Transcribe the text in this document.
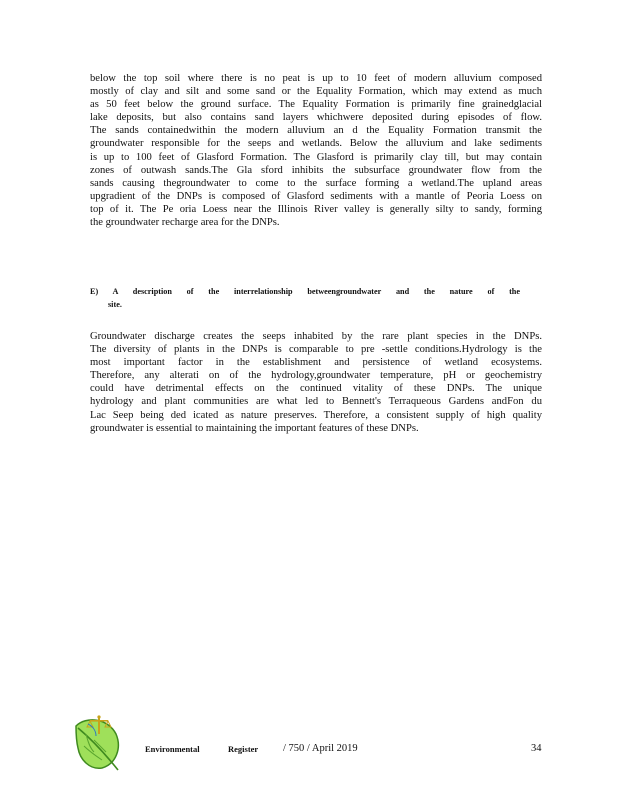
below the top soil where there is no peat is up to 10 feet of modern alluvium composed
mostly of clay and silt and some sand or the Equality Formation, which may extend as much
as 50 feet below the ground surface. The Equality Formation is primarily fine grainedglacial
lake deposits, but also contains sand layers whichwere deposited during episodes of flow.
The sands containedwithin the modern alluvium an d the Equality Formation transmit the
groundwater responsible for the seeps and wetlands. Below the alluvium and lake sediments
is up to 100 feet of Glasford Formation. The Glasford is primarily clay till, but may contain
zones of outwash sands.The Gla sford inhibits the subsurface groundwater flow from the
sands causing thegroundwater to come to the surface forming a wetland.The upland areas
upgradient of the DNPs is composed of Glasford sediments with a mantle of Peoria Loess on
top of it. The Pe oria Loess near the Illinois River valley is generally silty to sandy, forming
the groundwater recharge area for the DNPs.
E) A description of the interrelationship betweengroundwater and the nature of the
site.
Groundwater discharge creates the seeps inhabited by the rare plant species in the DNPs.
The diversity of plants in the DNPs is comparable to pre -settle conditions.Hydrology is the
most important factor in the establishment and persistence of wetland ecosystems.
Therefore, any alterati on of the hydrology,groundwater temperature, pH or geochemistry
could have detrimental effects on the continued vitality of these DNPs. The unique
hydrology and plant communities are what led to Bennett's Terraqueous Gardens andFon du
Lac Seep being ded icated as nature preserves. Therefore, a consistent supply of high quality
groundwater is essential to maintaining the important features of these DNPs.
Environmental	Register / 750 / April 2019	34
